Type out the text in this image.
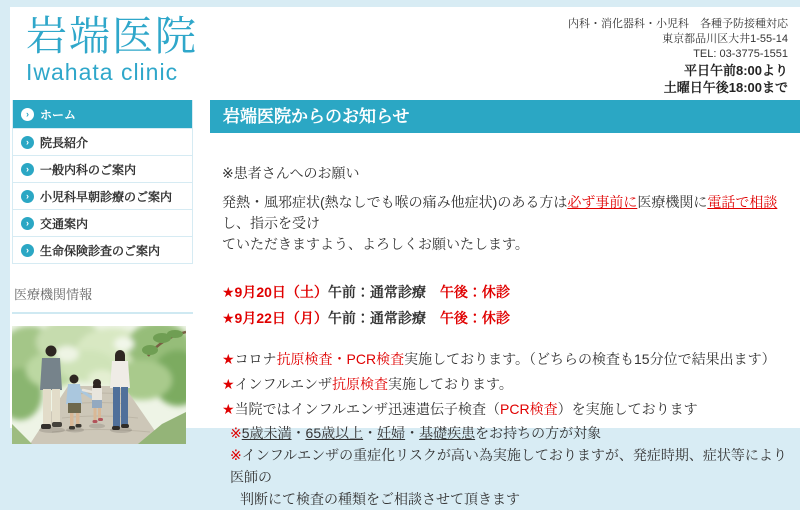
岩端医院
Iwahata clinic
内科・消化器科・小児科　各種予防接種対応
東京都品川区大井1-55-14
TEL: 03-3775-1551
平日午前8:00より
土曜日午後18:00まで
› ホーム
› 院長紹介
› 一般内科のご案内
› 小児科早朝診療のご案内
› 交通案内
› 生命保険診査のご案内
医療機関情報
岩端医院からのお知らせ
※患者さんへのお願い
発熱・風邪症状(熱なしでも喉の痛み他症状)のある方は必ず事前に医療機関に電話で相談し、指示を受け
ていただきますよう、よろしくお願いたします。
★9月20日（土）午前：通常診療　 午後：休診
★9月22日（月）午前：通常診療　 午後：休診
★コロナ抗原検査・PCR検査実施しております。（どちらの検査も15分位で結果出ます）
★インフルエンザ抗原検査実施しております。
★当院ではインフルエンザ迅速遺伝子検査（PCR検査）を実施しております
※5歳未満・65歳以上・妊婦・基礎疾患をお持ちの方が対象
※インフルエンザの重症化リスクが高い為実施しておりますが、発症時期、症状等により医師の
判断にて検査の種類をご相談させて頂きます
